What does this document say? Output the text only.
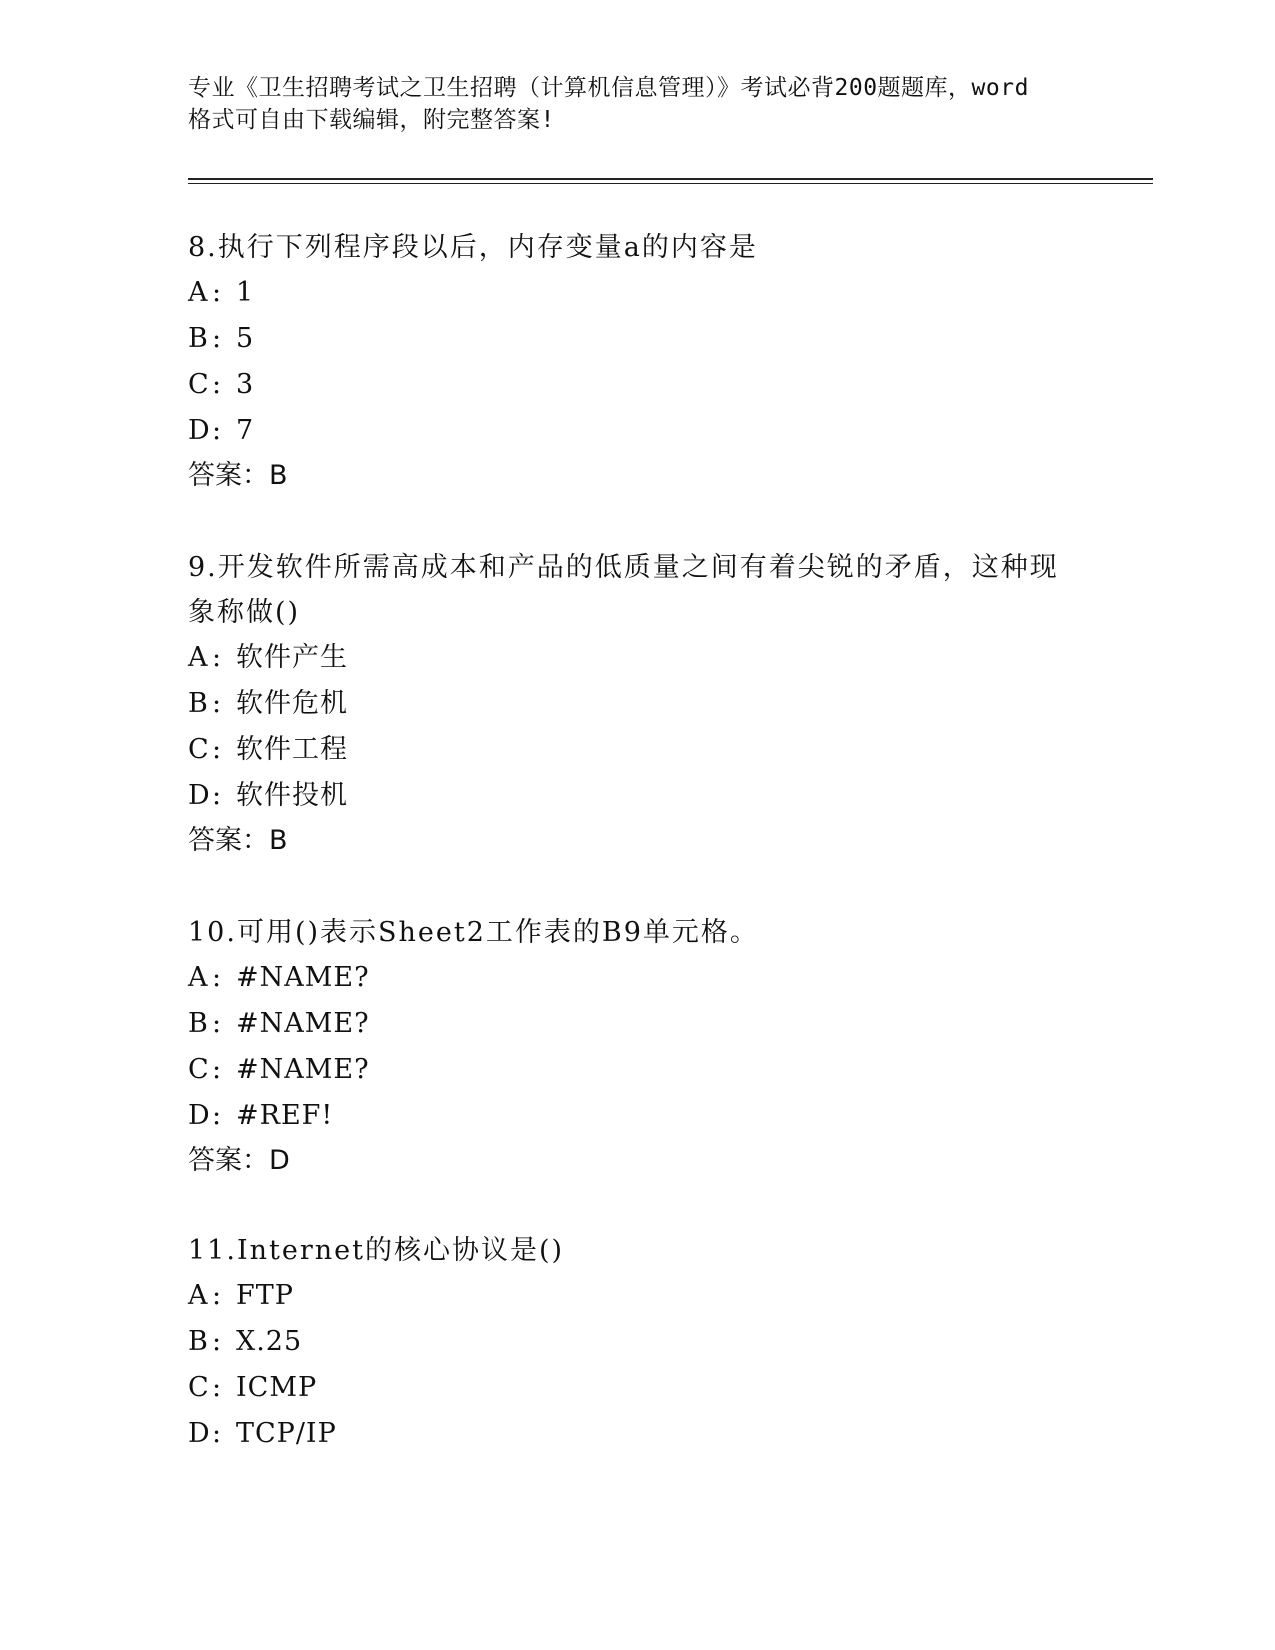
专业《卫生招聘考试之卫生招聘（计算机信息管理）》考试必背200题题库，word
格式可自由下载编辑，附完整答案!
8.执行下列程序段以后，内存变量a的内容是
A : 1
B : 5
C: 3
D: 7
答案：B
9.开发软件所需高成本和产品的低质量之间有着尖锐的矛盾，这种现
象称做()
A : 软件产生
B : 软件危机
C: 软件工程
D: 软件投机
答案：B
10.可用()表示Sheet2工作表的B9单元格。
A : #NAME?
B : #NAME?
C: #NAME?
D: #REF!
答案：D
11.Internet的核心协议是()
A : FTP
B : X.25
C: ICMP
D: TCP/IP
